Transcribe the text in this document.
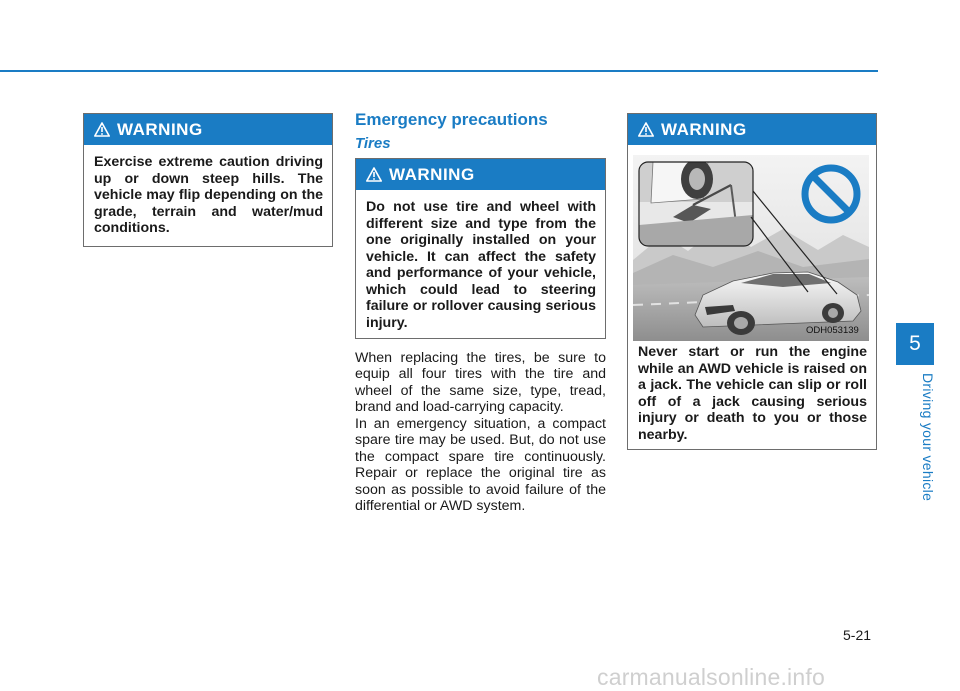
WARNING
Exercise extreme caution driving up or down steep hills. The vehicle may flip depending on the grade, terrain and water/mud conditions.
Emergency precautions
Tires
WARNING
Do not use tire and wheel with different size and type from the one originally installed on your vehicle. It can affect the safety and performance of your vehicle, which could lead to steering failure or rollover causing serious injury.

When replacing the tires, be sure to equip all four tires with the tire and wheel of the same size, type, tread, brand and load-carrying capacity.

In an emergency situation, a compact spare tire may be used. But, do not use the compact spare tire continuously. Repair or replace the original tire as soon as possible to avoid failure of the differential or AWD system.

WARNING
Never start or run the engine while an AWD vehicle is raised on a jack. The vehicle can slip or roll off of a jack causing serious injury or death to you or those nearby.
ODH053139
5
Driving your vehicle
5-21
carmanualsonline.info
